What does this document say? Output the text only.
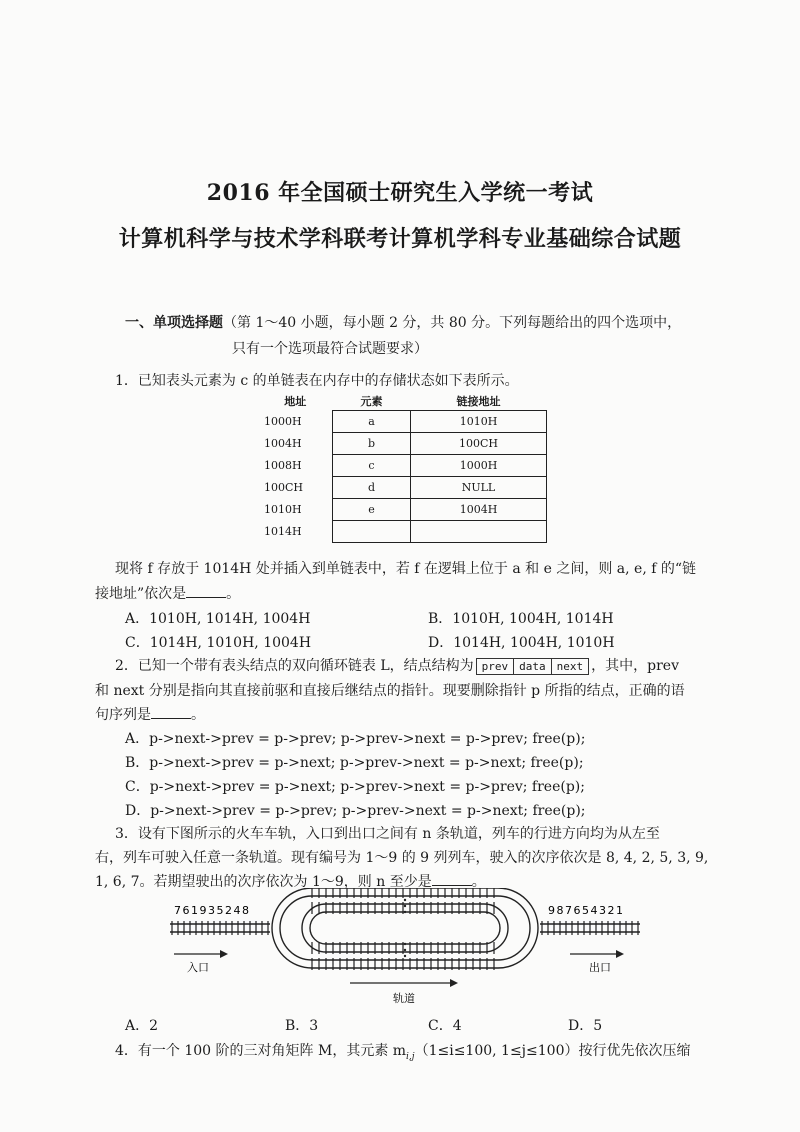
2016 年全国硕士研究生入学统一考试
计算机科学与技术学科联考计算机学科专业基础综合试题
一、单项选择题（第 1～40 小题，每小题 2 分，共 80 分。下列每题给出的四个选项中，
只有一个选项最符合试题要求）
1．已知表头元素为 c 的单链表在内存中的存储状态如下表所示。
地址	元素	链接地址
1000H	a	1010H
1004H	b	100CH
1008H	c	1000H
100CH	d	NULL
1010H	e	1004H
1014H		
现将 f 存放于 1014H 处并插入到单链表中，若 f 在逻辑上位于 a 和 e 之间，则 a, e, f 的“链
接地址”依次是	。
A．1010H, 1014H, 1004H	B．1010H, 1004H, 1014H
C．1014H, 1010H, 1004H	D．1014H, 1004H, 1010H
2．已知一个带有表头结点的双向循环链表 L，结点结构为 prev	data	next ，其中，prev
和 next 分别是指向其直接前驱和直接后继结点的指针。现要删除指针 p 所指的结点，正确的语
句序列是	。
A．p->next->prev = p->prev; p->prev->next = p->prev; free(p);
B．p->next->prev = p->next; p->prev->next = p->next; free(p);
C．p->next->prev = p->next; p->prev->next = p->prev; free(p);
D．p->next->prev = p->prev; p->prev->next = p->next; free(p);
3．设有下图所示的火车车轨，入口到出口之间有 n 条轨道，列车的行进方向均为从左至
右，列车可驶入任意一条轨道。现有编号为 1～9 的 9 列列车，驶入的次序依次是 8, 4, 2, 5, 3, 9,
1, 6, 7。若期望驶出的次序依次为 1～9，则 n 至少是	。
761935248	987654321
入口	出口
轨道
A．2	B．3	C．4	D．5
4．有一个 100 阶的三对角矩阵 M，其元素 $m_{i,j}(1\le i\le 100$, 1≤j≤100）按行优先依次压缩
